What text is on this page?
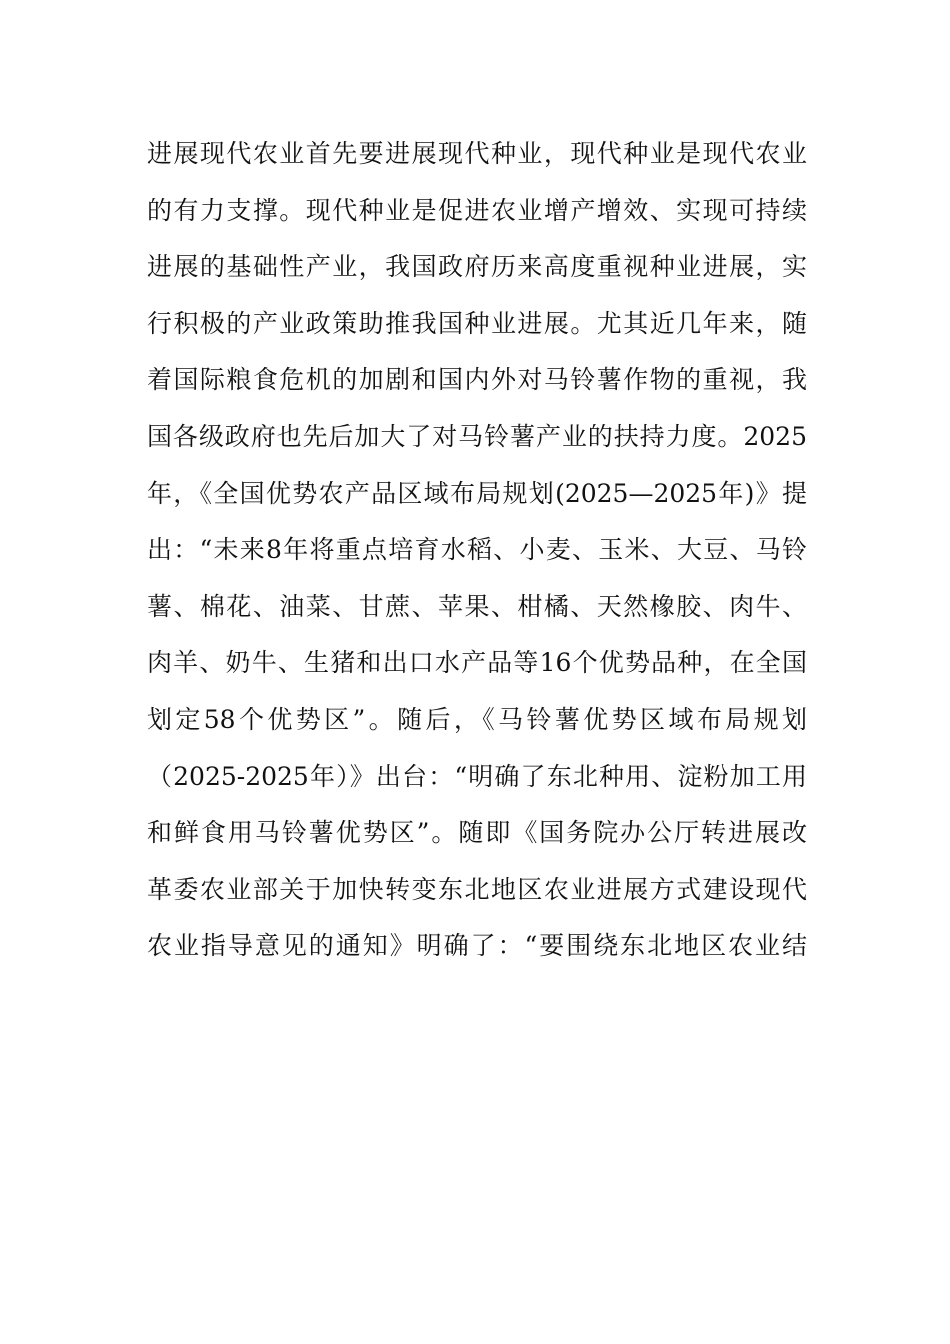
进展现代农业首先要进展现代种业，现代种业是现代农业
的有力支撑。现代种业是促进农业增产增效、实现可持续
进展的基础性产业，我国政府历来高度重视种业进展，实
行积极的产业政策助推我国种业进展。尤其近几年来，随
着国际粮食危机的加剧和国内外对马铃薯作物的重视，我
国各级政府也先后加大了对马铃薯产业的扶持力度。2025
年，《全国优势农产品区域布局规划(2025—2025年)》提
出：“未来8年将重点培育水稻、小麦、玉米、大豆、马铃
薯、棉花、油菜、甘蔗、苹果、柑橘、天然橡胶、肉牛、
肉羊、奶牛、生猪和出口水产品等16个优势品种，在全国
划定58个优势区”。随后，《马铃薯优势区域布局规划
（2025-2025年）》出台：“明确了东北种用、淀粉加工用
和鲜食用马铃薯优势区”。随即《国务院办公厅转进展改
革委农业部关于加快转变东北地区农业进展方式建设现代
农业指导意见的通知》明确了：“要围绕东北地区农业结
